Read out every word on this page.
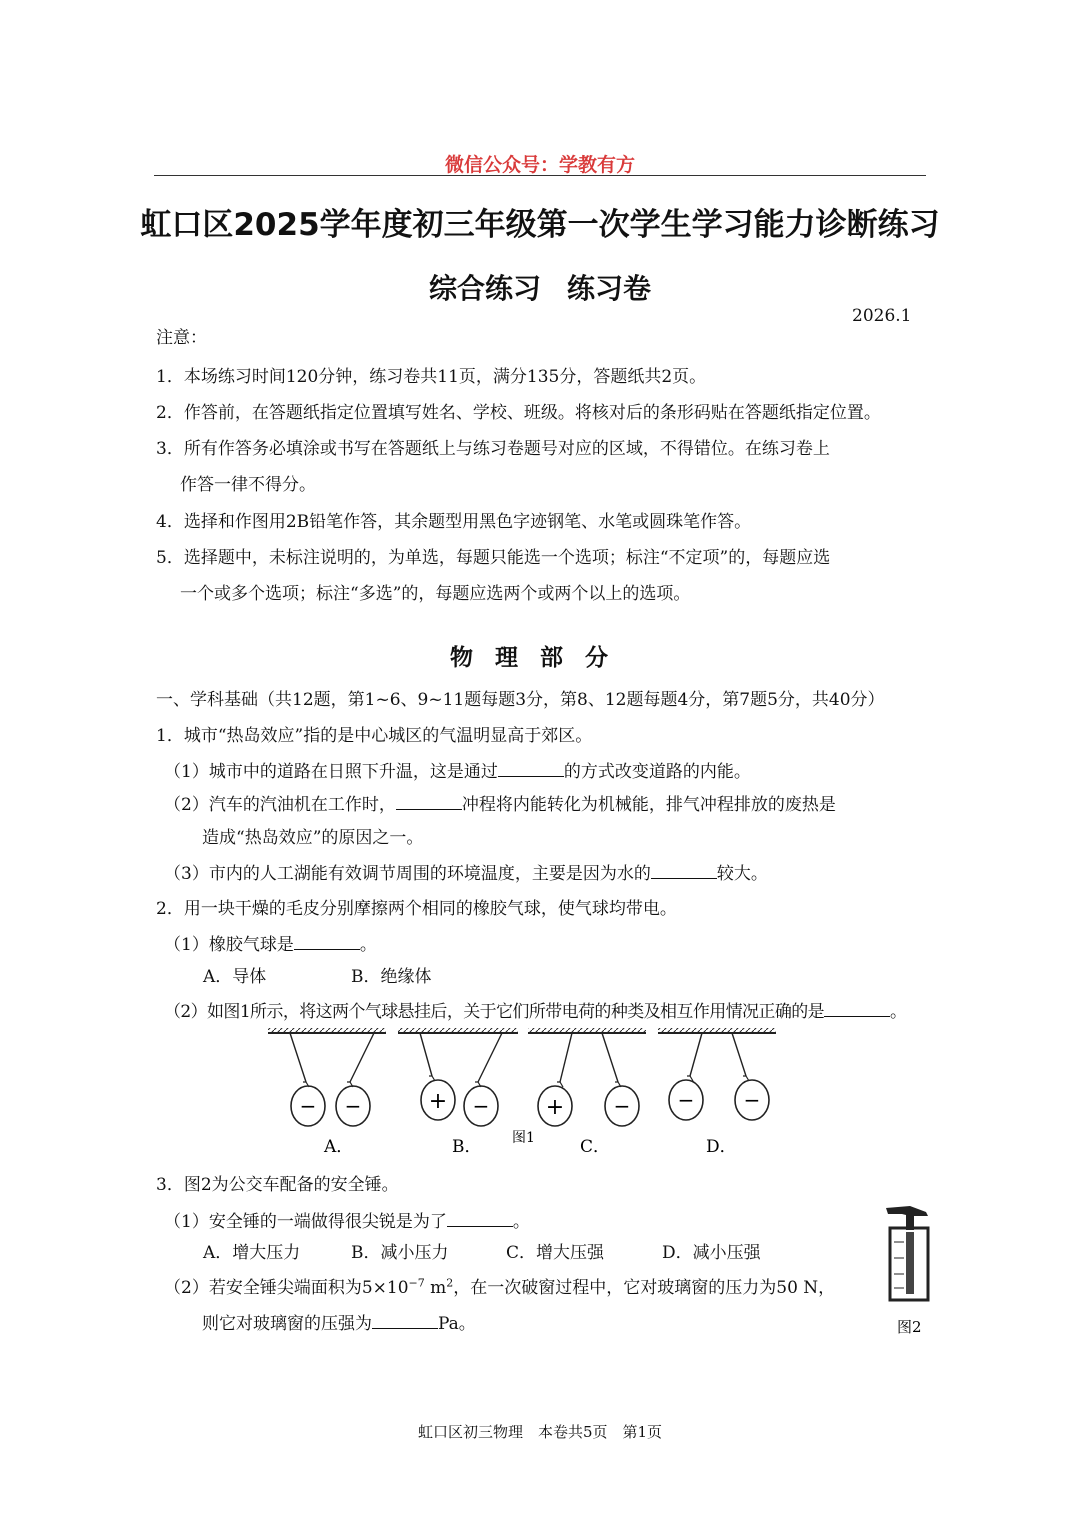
微信公众号：学教有方
虹口区2025学年度初三年级第一次学生学习能力诊断练习
综合练习 练习卷
2026.1
注意：
1．本场练习时间120分钟，练习卷共11页，满分135分，答题纸共2页。
2．作答前，在答题纸指定位置填写姓名、学校、班级。将核对后的条形码贴在答题纸指定位置。
3．所有作答务必填涂或书写在答题纸上与练习卷题号对应的区域，不得错位。在练习卷上
作答一律不得分。
4．选择和作图用2B铅笔作答，其余题型用黑色字迹钢笔、水笔或圆珠笔作答。
5．选择题中，未标注说明的，为单选，每题只能选一个选项；标注“不定项”的，每题应选
一个或多个选项；标注“多选”的，每题应选两个或两个以上的选项。
物理部分
一、学科基础（共12题，第1~6、9~11题每题3分，第8、12题每题4分，第7题5分，共40分）
1．城市“热岛效应”指的是中心城区的气温明显高于郊区。
（1）城市中的道路在日照下升温，这是通过	的方式改变道路的内能。
（2）汽车的汽油机在工作时，	冲程将内能转化为机械能，排气冲程排放的废热是
造成“热岛效应”的原因之一。
（3）市内的人工湖能有效调节周围的环境温度，主要是因为水的	较大。
2．用一块干燥的毛皮分别摩擦两个相同的橡胶气球，使气球均带电。
（1）橡胶气球是	。
A．导体	B．绝缘体
（2）如图1所示，将这两个气球悬挂后，关于它们所带电荷的种类及相互作用情况正确的是	。
− −
A．
+ −
B． 图1
+ −
C．
− −
D．
3．图2为公交车配备的安全锤。
（1）安全锤的一端做得很尖锐是为了	。
A．增大压力	B．减小压力	C．增大压强	D．减小压强
（2）若安全锤尖端面积为$5\times 10^{-7}$ $m^2$，在一次破窗过程中，它对玻璃窗的压力为50 N，
则它对玻璃窗的压强为	Pa。	图2
虹口区初三物理　本卷共5页　第1页
